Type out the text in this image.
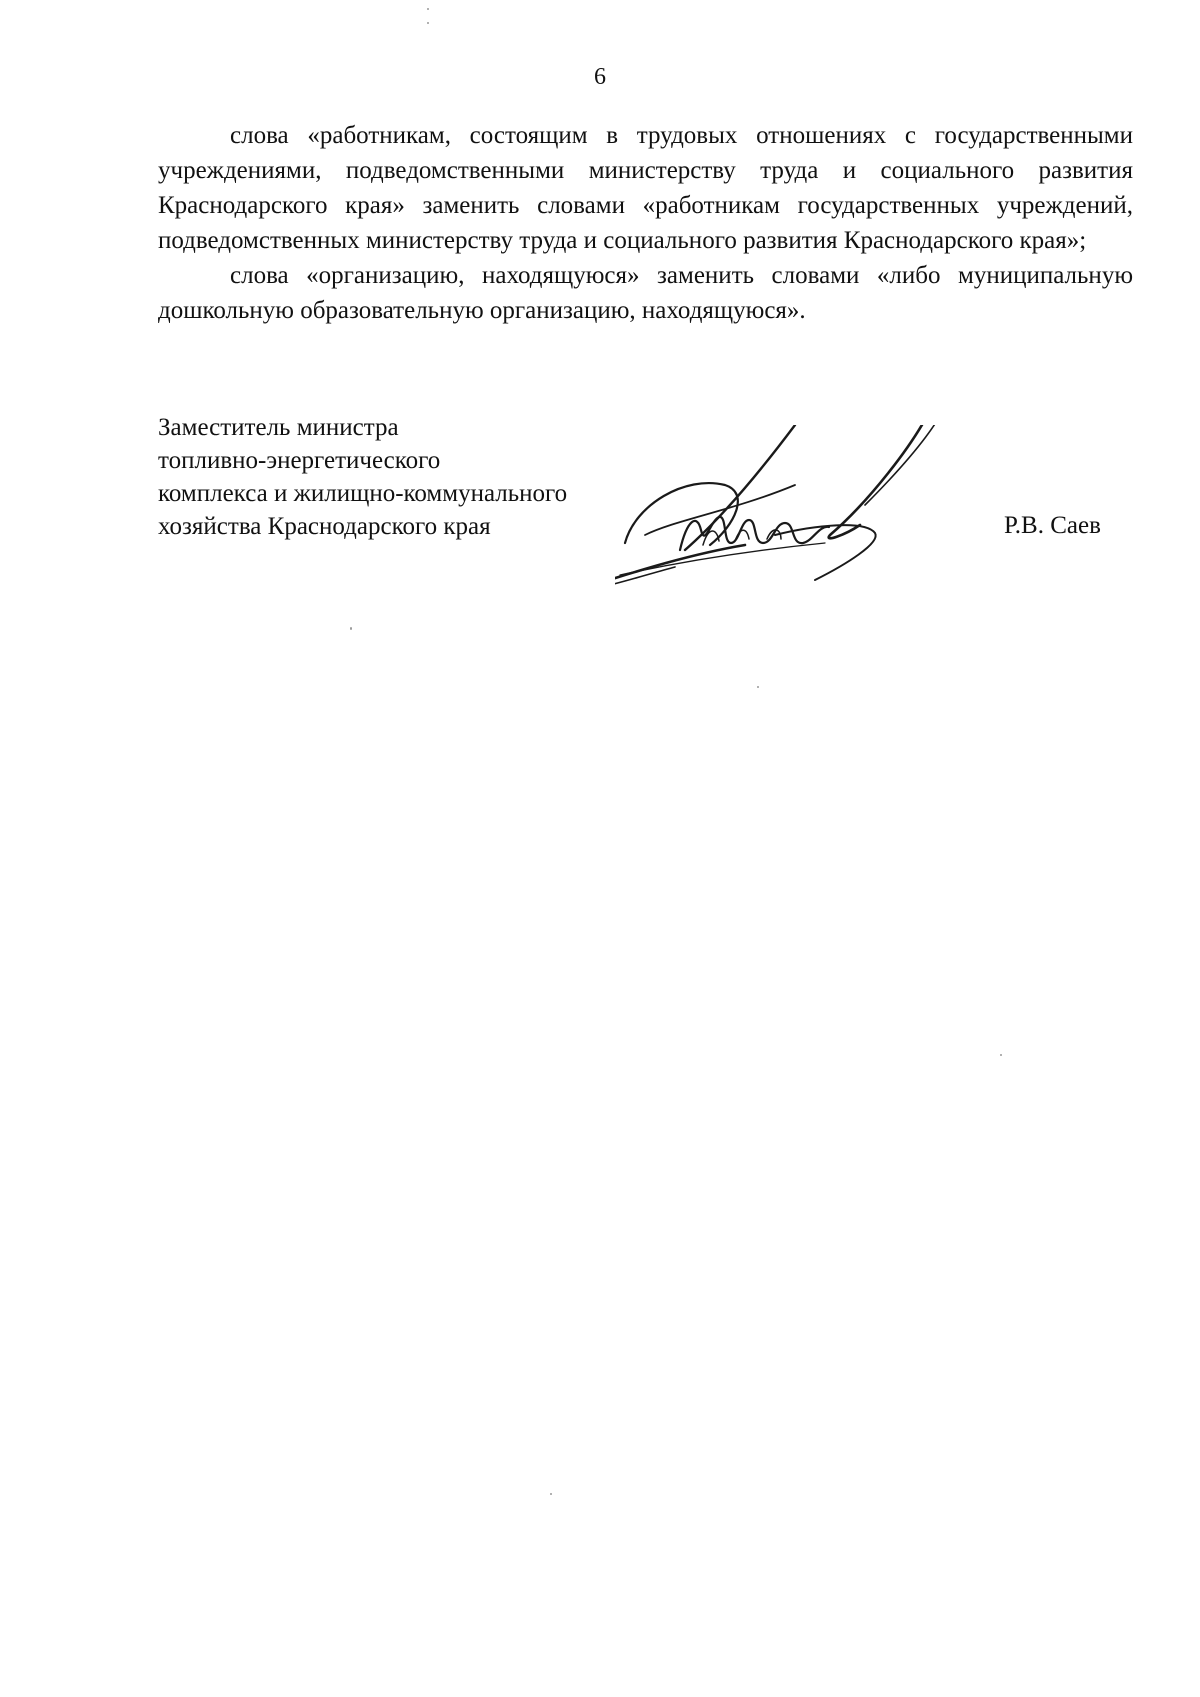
6

слова «работникам, состоящим в трудовых отношениях с государственными учреждениями, подведомственными министерству труда и социального развития Краснодарского края» заменить словами «работникам государственных учреждений, подведомственных министерству труда и социального развития Краснодарского края»;

слова «организацию, находящуюся» заменить словами «либо муниципальную дошкольную образовательную организацию, находящуюся».

Заместитель министра
топливно-энергетического
комплекса и жилищно-коммунального
хозяйства Краснодарского края	Р.В. Саев
